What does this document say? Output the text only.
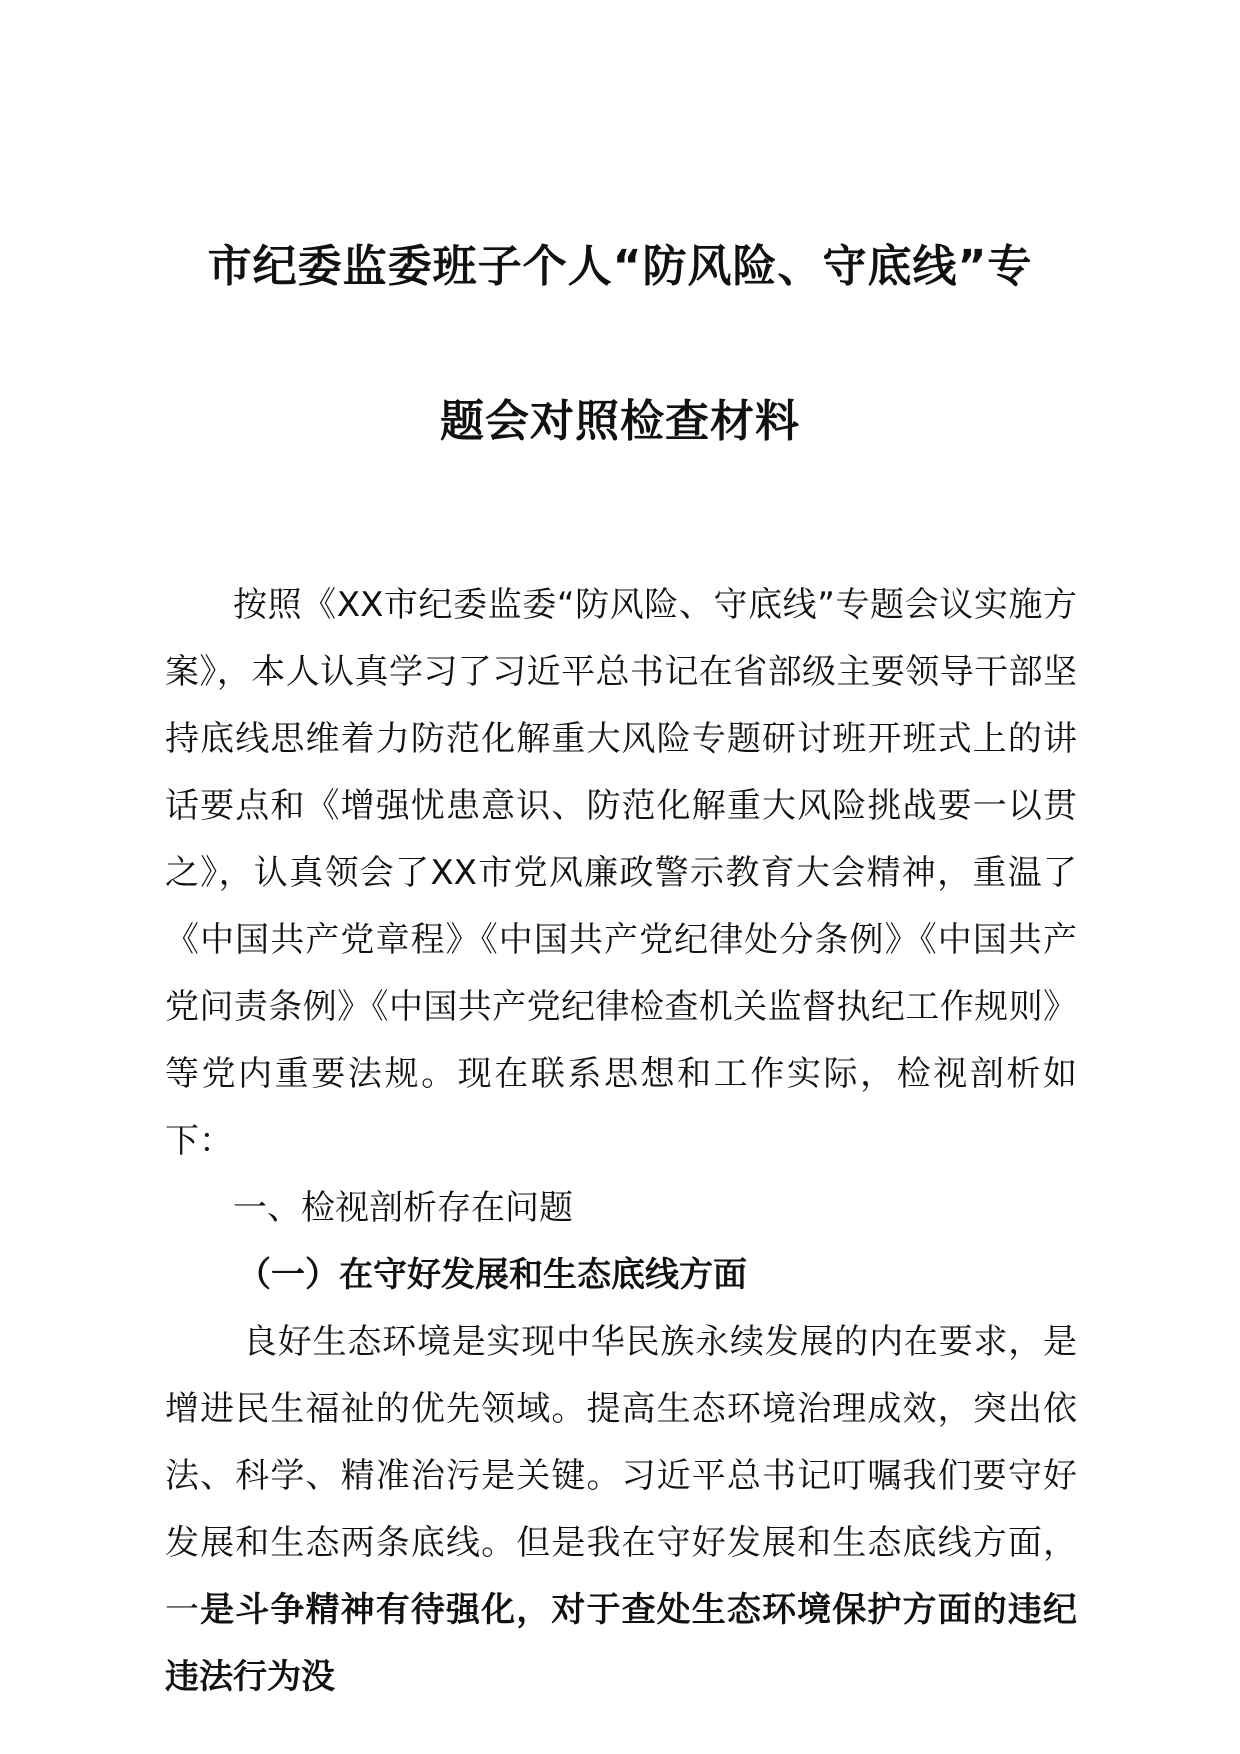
市纪委监委班子个人“防风险、守底线”专
题会对照检查材料

按照《XX市纪委监委“防风险、守底线”专题会议实施方案》，本人认真学习了习近平总书记在省部级主要领导干部坚持底线思维着力防范化解重大风险专题研讨班开班式上的讲话要点和《增强忧患意识、防范化解重大风险挑战要一以贯之》，认真领会了XX市党风廉政警示教育大会精神，重温了《中国共产党章程》《中国共产党纪律处分条例》《中国共产党问责条例》《中国共产党纪律检查机关监督执纪工作规则》等党内重要法规。现在联系思想和工作实际，检视剖析如下：

一、检视剖析存在问题

（一）在守好发展和生态底线方面

良好生态环境是实现中华民族永续发展的内在要求，是增进民生福祉的优先领域。提高生态环境治理成效，突出依法、科学、精准治污是关键。习近平总书记叮嘱我们要守好发展和生态两条底线。但是我在守好发展和生态底线方面，一是斗争精神有待强化，对于查处生态环境保护方面的违纪违法行为没
